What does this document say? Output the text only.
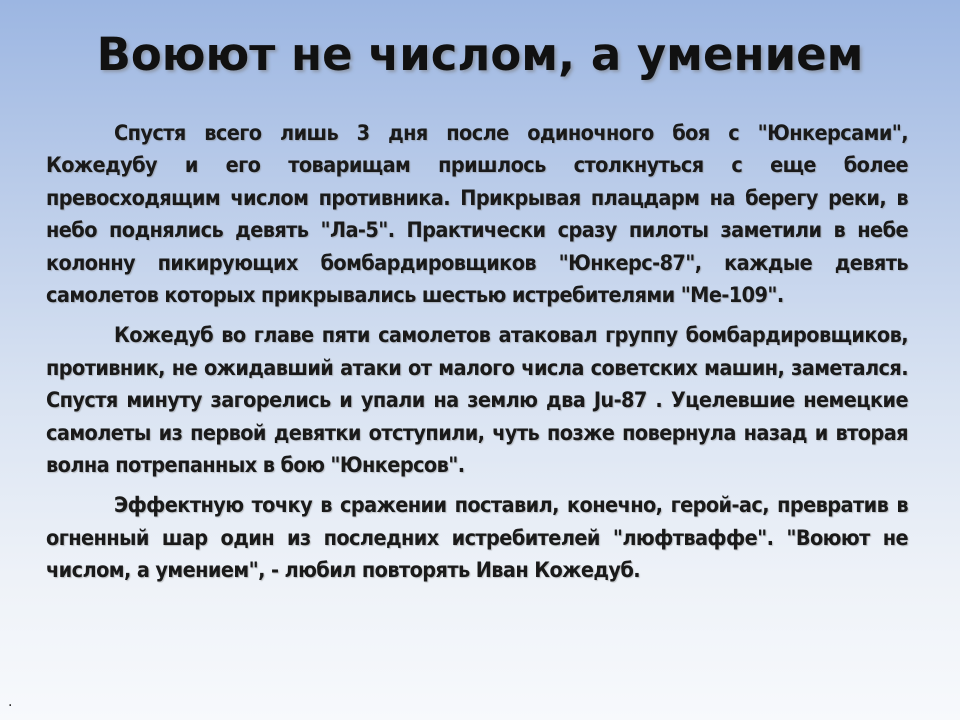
Воюют не числом, а умением

Спустя всего лишь 3 дня после одиночного боя с "Юнкерсами", Кожедубу и его товарищам пришлось столкнуться с еще более превосходящим числом противника. Прикрывая плацдарм на берегу реки, в небо поднялись девять "Ла-5". Практически сразу пилоты заметили в небе колонну пикирующих бомбардировщиков "Юнкерс-87", каждые девять самолетов которых прикрывались шестью истребителями "Ме-109".

Кожедуб во главе пяти самолетов атаковал группу бомбардировщиков, противник, не ожидавший атаки от малого числа советских машин, заметался. Спустя минуту загорелись и упали на землю два Ju-87 . Уцелевшие немецкие самолеты из первой девятки отступили, чуть позже повернула назад и вторая волна потрепанных в бою "Юнкерсов".

Эффектную точку в сражении поставил, конечно, герой-ас, превратив в огненный шар один из последних истребителей "люфтваффе". "Воюют не числом, а умением", - любил повторять Иван Кожедуб.

.
